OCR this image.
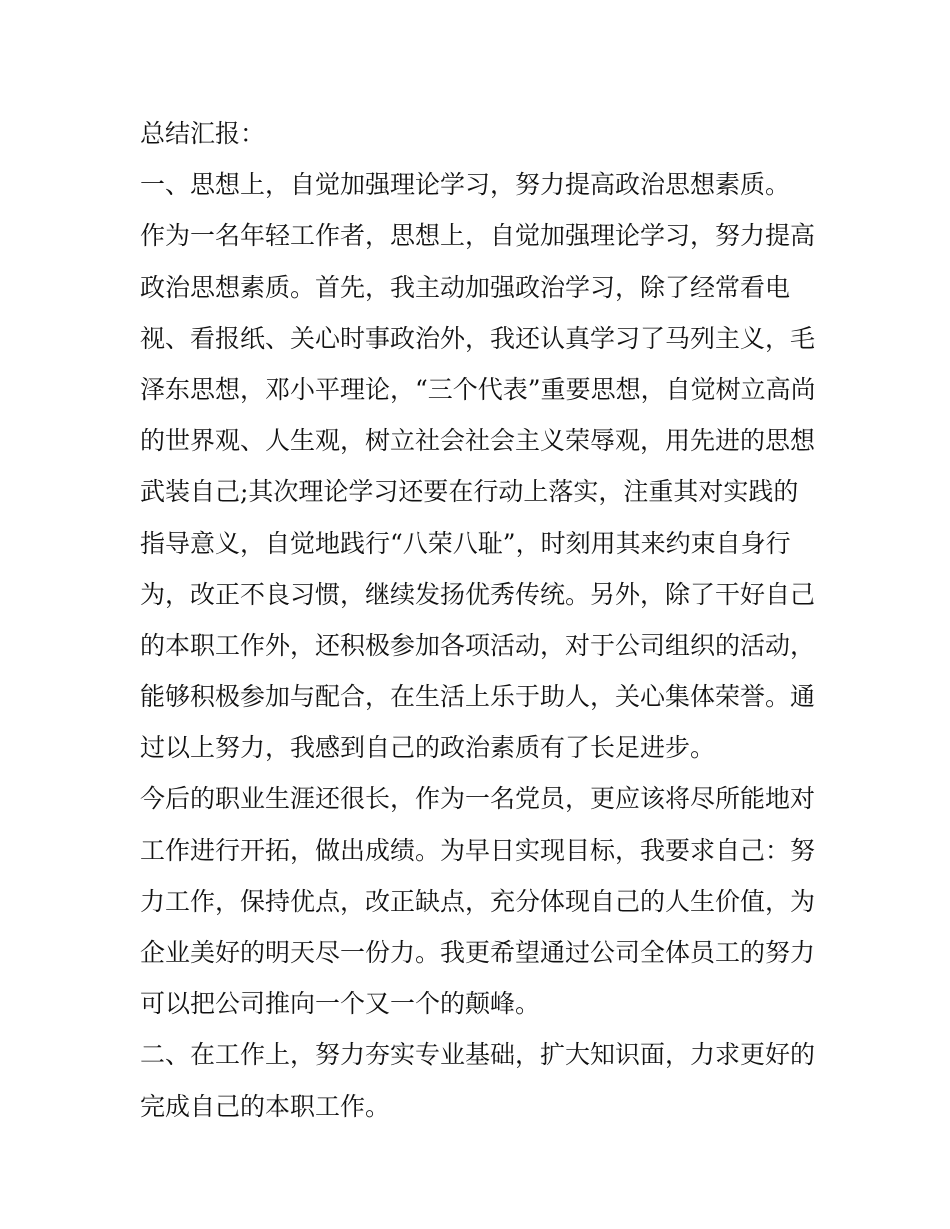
总结汇报：
一、思想上，自觉加强理论学习，努力提高政治思想素质。
作为一名年轻工作者，思想上，自觉加强理论学习，努力提高
政治思想素质。首先，我主动加强政治学习，除了经常看电
视、看报纸、关心时事政治外，我还认真学习了马列主义，毛
泽东思想，邓小平理论，“三个代表”重要思想，自觉树立高尚
的世界观、人生观，树立社会社会主义荣辱观，用先进的思想
武装自己;其次理论学习还要在行动上落实，注重其对实践的
指导意义，自觉地践行“八荣八耻”，时刻用其来约束自身行
为，改正不良习惯，继续发扬优秀传统。另外，除了干好自己
的本职工作外，还积极参加各项活动，对于公司组织的活动，
能够积极参加与配合，在生活上乐于助人，关心集体荣誉。通
过以上努力，我感到自己的政治素质有了长足进步。
今后的职业生涯还很长，作为一名党员，更应该将尽所能地对
工作进行开拓，做出成绩。为早日实现目标，我要求自己：努
力工作，保持优点，改正缺点，充分体现自己的人生价值，为
企业美好的明天尽一份力。我更希望通过公司全体员工的努力
可以把公司推向一个又一个的颠峰。
二、在工作上，努力夯实专业基础，扩大知识面，力求更好的
完成自己的本职工作。
